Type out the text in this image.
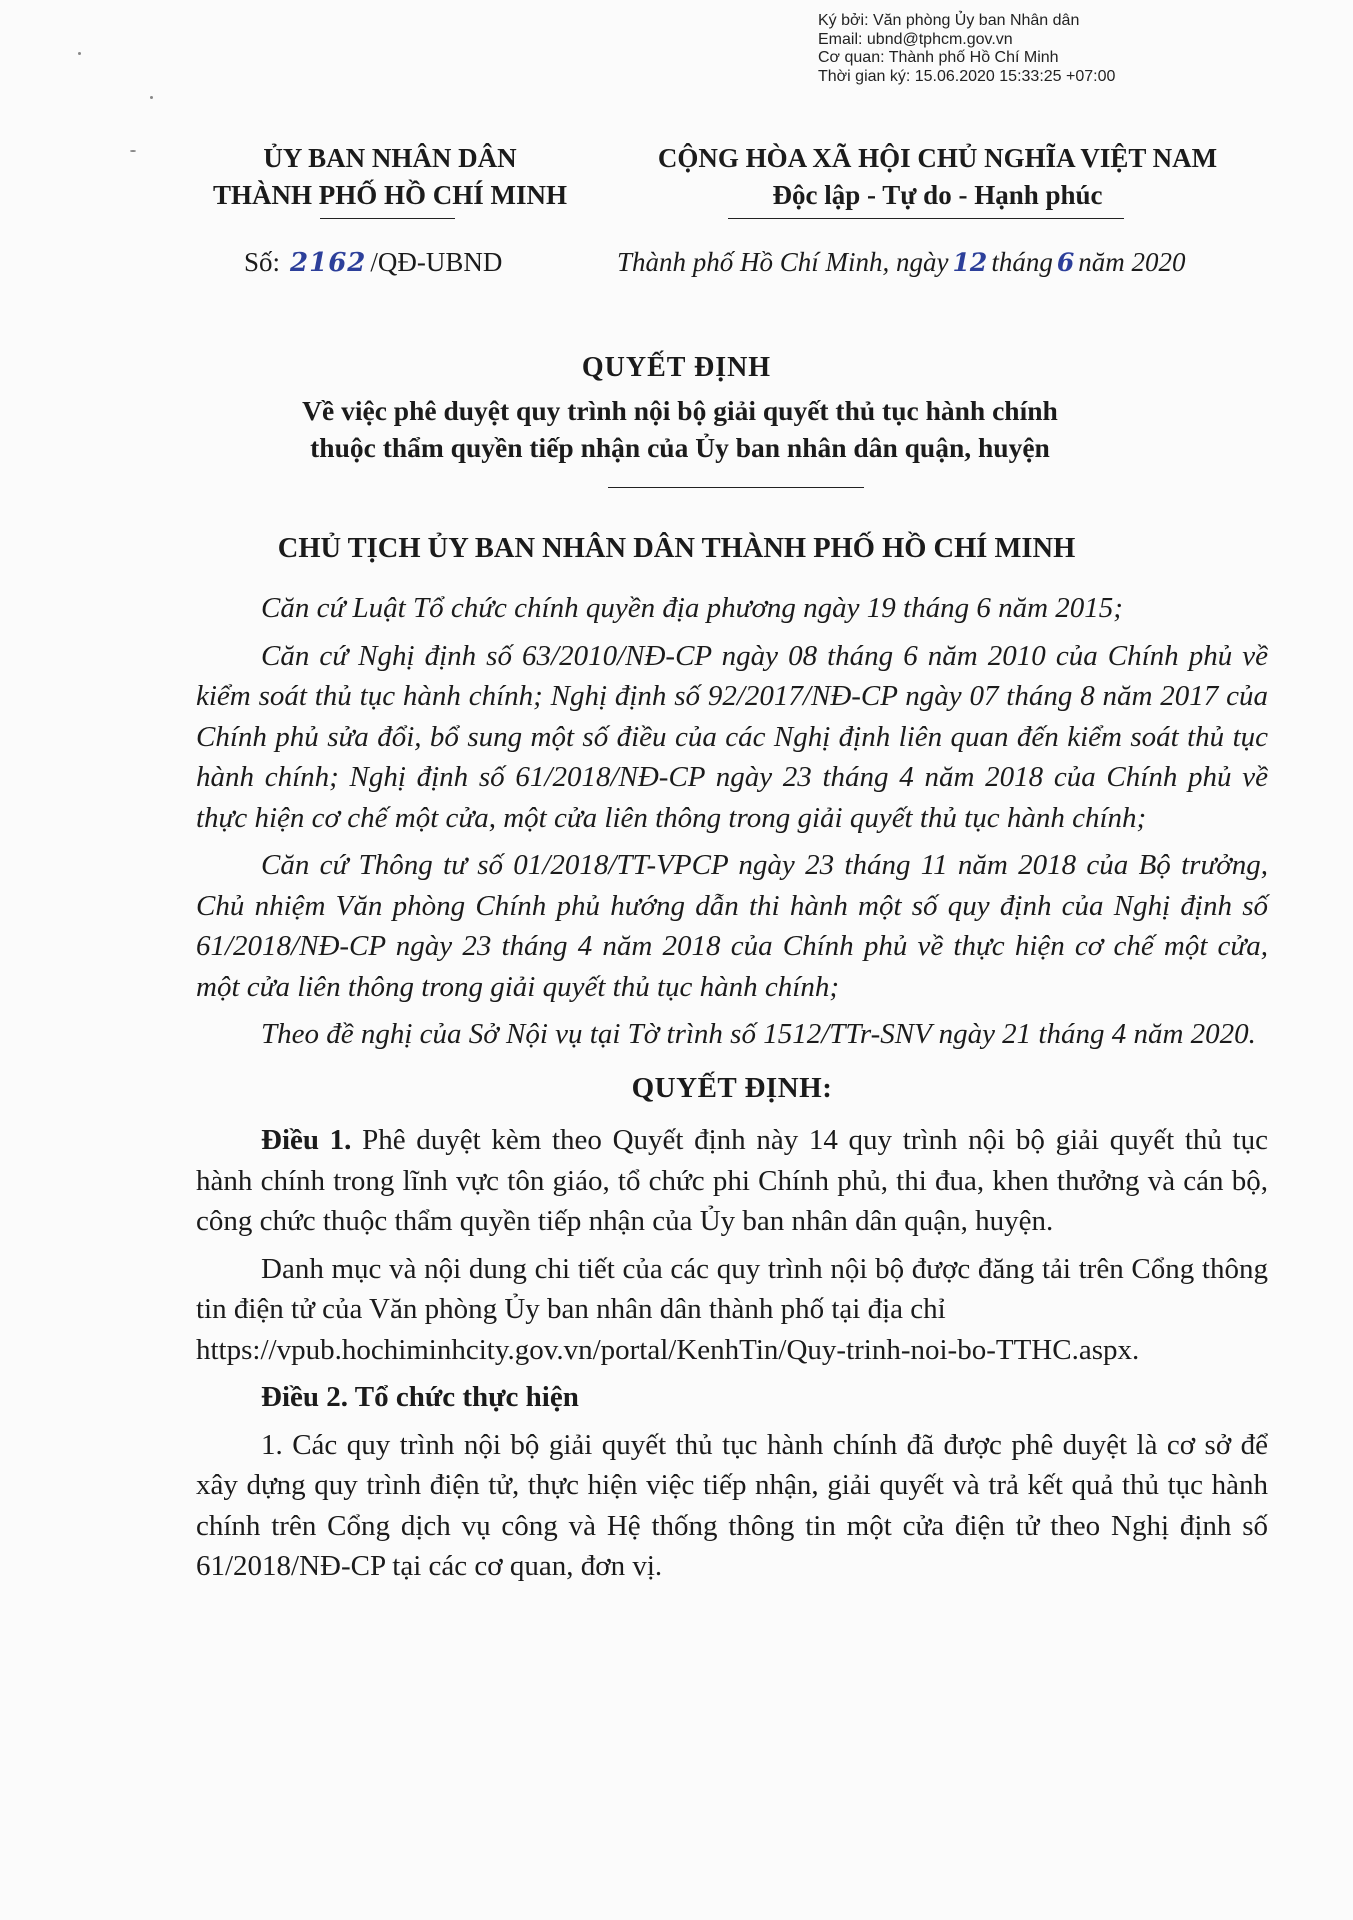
Ký bởi: Văn phòng Ủy ban Nhân dân
Email: ubnd@tphcm.gov.vn
Cơ quan: Thành phố Hồ Chí Minh
Thời gian ký: 15.06.2020 15:33:25 +07:00
ỦY BAN NHÂN DÂN
THÀNH PHỐ HỒ CHÍ MINH
CỘNG HÒA XÃ HỘI CHỦ NGHĨA VIỆT NAM
Độc lập - Tự do - Hạnh phúc
Số: 2162 /QĐ-UBND	Thành phố Hồ Chí Minh, ngày 12 tháng 6 năm 2020
QUYẾT ĐỊNH
Về việc phê duyệt quy trình nội bộ giải quyết thủ tục hành chính
thuộc thẩm quyền tiếp nhận của Ủy ban nhân dân quận, huyện
CHỦ TỊCH ỦY BAN NHÂN DÂN THÀNH PHỐ HỒ CHÍ MINH

Căn cứ Luật Tổ chức chính quyền địa phương ngày 19 tháng 6 năm 2015;

Căn cứ Nghị định số 63/2010/NĐ-CP ngày 08 tháng 6 năm 2010 của Chính phủ về kiểm soát thủ tục hành chính; Nghị định số 92/2017/NĐ-CP ngày 07 tháng 8 năm 2017 của Chính phủ sửa đổi, bổ sung một số điều của các Nghị định liên quan đến kiểm soát thủ tục hành chính; Nghị định số 61/2018/NĐ-CP ngày 23 tháng 4 năm 2018 của Chính phủ về thực hiện cơ chế một cửa, một cửa liên thông trong giải quyết thủ tục hành chính;

Căn cứ Thông tư số 01/2018/TT-VPCP ngày 23 tháng 11 năm 2018 của Bộ trưởng, Chủ nhiệm Văn phòng Chính phủ hướng dẫn thi hành một số quy định của Nghị định số 61/2018/NĐ-CP ngày 23 tháng 4 năm 2018 của Chính phủ về thực hiện cơ chế một cửa, một cửa liên thông trong giải quyết thủ tục hành chính;

Theo đề nghị của Sở Nội vụ tại Tờ trình số 1512/TTr-SNV ngày 21 tháng 4 năm 2020.

QUYẾT ĐỊNH:

Điều 1. Phê duyệt kèm theo Quyết định này 14 quy trình nội bộ giải quyết thủ tục hành chính trong lĩnh vực tôn giáo, tổ chức phi Chính phủ, thi đua, khen thưởng và cán bộ, công chức thuộc thẩm quyền tiếp nhận của Ủy ban nhân dân quận, huyện.

Danh mục và nội dung chi tiết của các quy trình nội bộ được đăng tải trên Cổng thông tin điện tử của Văn phòng Ủy ban nhân dân thành phố tại địa chỉ

https://vpub.hochiminhcity.gov.vn/portal/KenhTin/Quy-trinh-noi-bo-TTHC.aspx.

Điều 2. Tổ chức thực hiện

1. Các quy trình nội bộ giải quyết thủ tục hành chính đã được phê duyệt là cơ sở để xây dựng quy trình điện tử, thực hiện việc tiếp nhận, giải quyết và trả kết quả thủ tục hành chính trên Cổng dịch vụ công và Hệ thống thông tin một cửa điện tử theo Nghị định số 61/2018/NĐ-CP tại các cơ quan, đơn vị.
